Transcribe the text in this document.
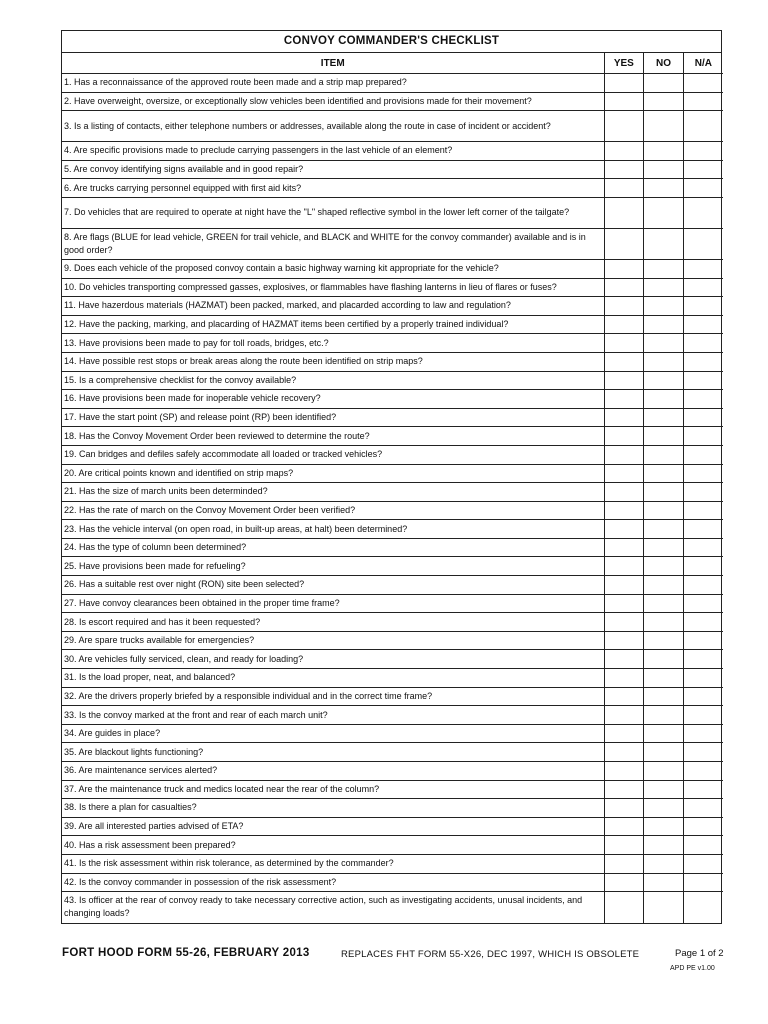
CONVOY COMMANDER'S CHECKLIST
ITEM	YES	NO	N/A
1. Has a reconnaissance of the approved route been made and a strip map prepared?			
2. Have overweight, oversize, or exceptionally slow vehicles been identified and provisions made for their movement?			
3. Is a listing of contacts, either telephone numbers or addresses, available along the route in case of incident or accident?			
4. Are specific provisions made to preclude carrying passengers in the last vehicle of an element?			
5. Are convoy identifying signs available and in good repair?			
6. Are trucks carrying personnel equipped with first aid kits?			
7. Do vehicles that are required to operate at night have the "L" shaped reflective symbol in the lower left corner of the tailgate?			
8. Are flags (BLUE for lead vehicle, GREEN for trail vehicle, and BLACK and WHITE for the convoy commander) available and is in good order?			
9. Does each vehicle of the proposed convoy contain a basic highway warning kit appropriate for the vehicle?			
10. Do vehicles transporting compressed gasses, explosives, or flammables have flashing lanterns in lieu of flares or fuses?			
11. Have hazerdous materials (HAZMAT) been packed, marked, and placarded according to law and regulation?			
12. Have the packing, marking, and placarding of HAZMAT items been certified by a properly trained individual?			
13. Have provisions been made to pay for toll roads, bridges, etc.?			
14. Have possible rest stops or break areas along the route been identified on strip maps?			
15. Is a comprehensive checklist for the convoy available?			
16. Have provisions been made for inoperable vehicle recovery?			
17. Have the start point (SP) and release point (RP) been identified?			
18. Has the Convoy Movement Order been reviewed to determine the route?			
19. Can bridges and defiles safely accommodate all loaded or tracked vehicles?			
20. Are critical points known and identified on strip maps?			
21. Has the size of march units been determinded?			
22. Has the rate of march on the Convoy Movement Order been verified?			
23. Has the vehicle interval (on open road, in built-up areas, at halt) been determined?			
24. Has the type of column been determined?			
25. Have provisions been made for refueling?			
26. Has a suitable rest over night (RON) site been selected?			
27. Have convoy clearances been obtained in the proper time frame?			
28. Is escort required and has it been requested?			
29. Are spare trucks available for emergencies?			
30. Are vehicles fully serviced, clean, and ready for loading?			
31. Is the load proper, neat, and balanced?			
32. Are the drivers properly briefed by a responsible individual and in the correct time frame?			
33. Is the convoy marked at the front and rear of each march unit?			
34. Are guides in place?			
35. Are blackout lights functioning?			
36. Are maintenance services alerted?			
37. Are the maintenance truck and medics located near the rear of the column?			
38. Is there a plan for casualties?			
39. Are all interested parties advised of ETA?			
40. Has a risk assessment been prepared?			
41. Is the risk assessment within risk tolerance, as determined by the commander?			
42. Is the convoy commander in possession of the risk assessment?			
43. Is officer at the rear of convoy ready to take necessary corrective action, such as investigating accidents, unusal incidents, and changing loads?			
FORT HOOD FORM 55-26, FEBRUARY 2013	REPLACES FHT FORM 55-X26, DEC 1997, WHICH IS OBSOLETE	Page 1 of 2
APD PE v1.00
